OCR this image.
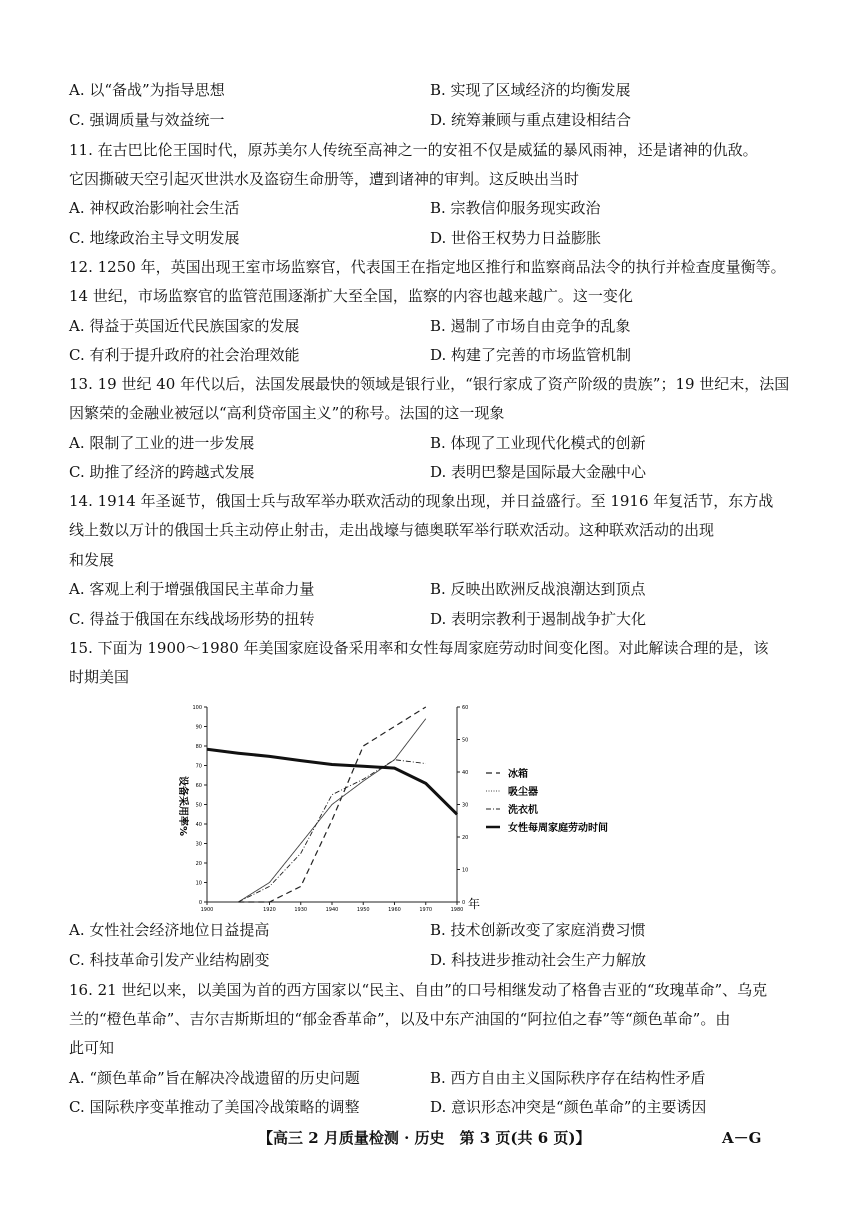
A. 以“备战”为指导思想	B. 实现了区域经济的均衡发展
C. 强调质量与效益统一	D. 统筹兼顾与重点建设相结合
11. 在古巴比伦王国时代，原苏美尔人传统至高神之一的安祖不仅是威猛的暴风雨神，还是诸神的仇敌。
它因撕破天空引起灭世洪水及盗窃生命册等，遭到诸神的审判。这反映出当时
A. 神权政治影响社会生活	B. 宗教信仰服务现实政治
C. 地缘政治主导文明发展	D. 世俗王权势力日益膨胀
12. 1250 年，英国出现王室市场监察官，代表国王在指定地区推行和监察商品法令的执行并检查度量衡等。
14 世纪，市场监察官的监管范围逐渐扩大至全国，监察的内容也越来越广。这一变化
A. 得益于英国近代民族国家的发展	B. 遏制了市场自由竞争的乱象
C. 有利于提升政府的社会治理效能	D. 构建了完善的市场监管机制
13. 19 世纪 40 年代以后，法国发展最快的领域是银行业，“银行家成了资产阶级的贵族”；19 世纪末，法国
因繁荣的金融业被冠以“高利贷帝国主义”的称号。法国的这一现象
A. 限制了工业的进一步发展	B. 体现了工业现代化模式的创新
C. 助推了经济的跨越式发展	D. 表明巴黎是国际最大金融中心
14. 1914 年圣诞节，俄国士兵与敌军举办联欢活动的现象出现，并日益盛行。至 1916 年复活节，东方战
线上数以万计的俄国士兵主动停止射击，走出战壕与德奥联军举行联欢活动。这种联欢活动的出现
和发展
A. 客观上利于增强俄国民主革命力量	B. 反映出欧洲反战浪潮达到顶点
C. 得益于俄国在东线战场形势的扭转	D. 表明宗教利于遏制战争扩大化
15. 下面为 1900～1980 年美国家庭设备采用率和女性每周家庭劳动时间变化图。对此解读合理的是，该
时期美国
100
90
80
70
60
50
40
30
20
10
0
60
50
40
30
20
10
0
1900	1920	1930	1940	1950	1960	1970	1980
冰箱
吸尘器
洗衣机
女性每周家庭劳动时间
设备采用率%
年
A. 女性社会经济地位日益提高	B. 技术创新改变了家庭消费习惯
C. 科技革命引发产业结构剧变	D. 科技进步推动社会生产力解放
16. 21 世纪以来，以美国为首的西方国家以“民主、自由”的口号相继发动了格鲁吉亚的“玫瑰革命”、乌克
兰的“橙色革命”、吉尔吉斯斯坦的“郁金香革命”，以及中东产油国的“阿拉伯之春”等“颜色革命”。由
此可知
A. “颜色革命”旨在解决冷战遗留的历史问题	B. 西方自由主义国际秩序存在结构性矛盾
C. 国际秩序变革推动了美国冷战策略的调整	D. 意识形态冲突是“颜色革命”的主要诱因
【高三 2 月质量检测 · 历史　第 3 页(共 6 页)】	A－G
